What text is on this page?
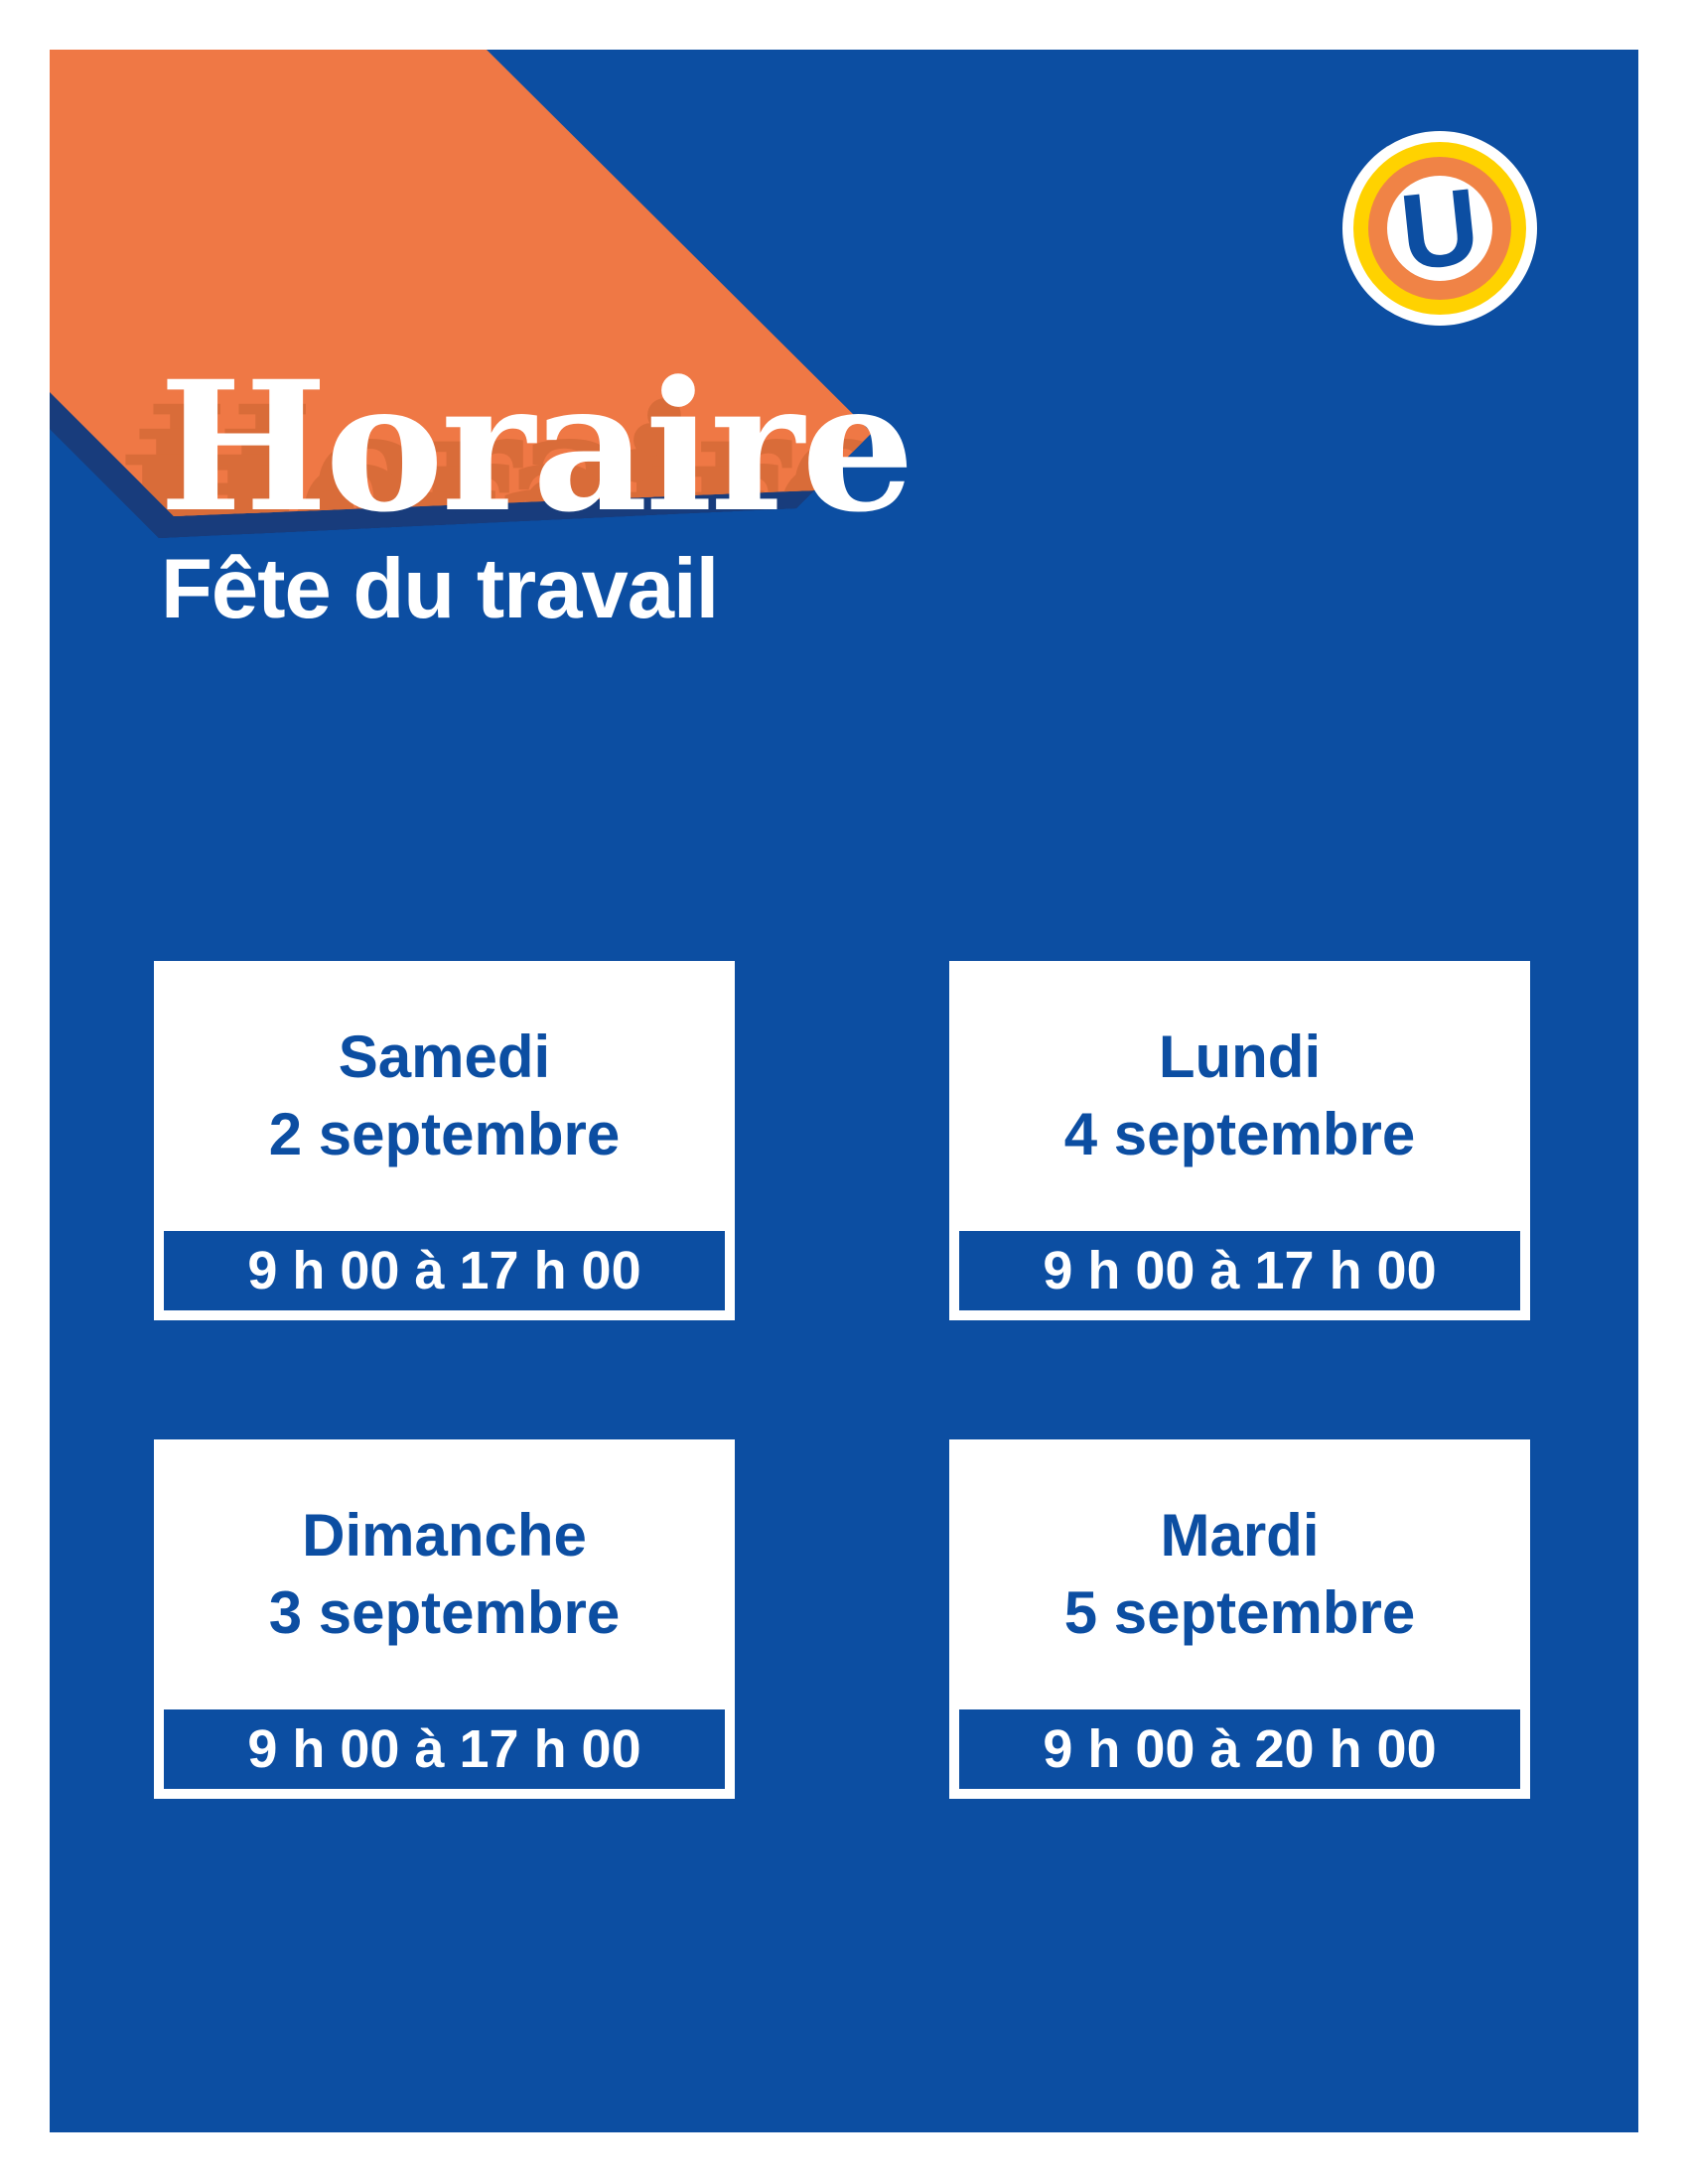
Fête du travail
U
Samedi
2 septembre
9 h 00 à 17 h 00
Lundi
4 septembre
9 h 00 à 17 h 00
Dimanche
3 septembre
9 h 00 à 17 h 00
Mardi
5 septembre
9 h 00 à 20 h 00
